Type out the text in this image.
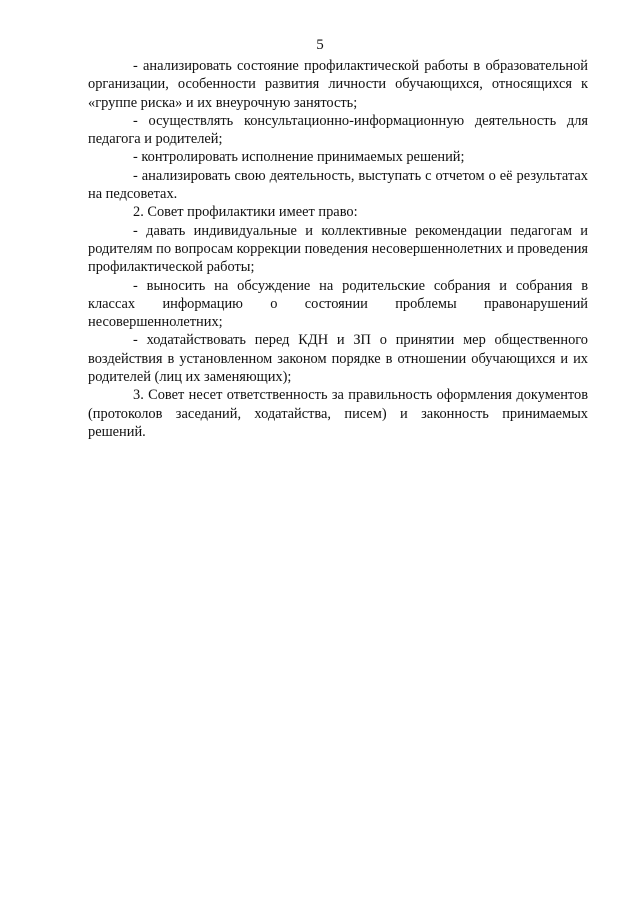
5

- анализировать состояние профилактической работы в образовательной организации, особенности развития личности обучающихся, относящихся к «группе риска» и их внеурочную занятость;

- осуществлять консультационно-информационную деятельность для педагога и родителей;

- контролировать исполнение принимаемых решений;

- анализировать свою деятельность, выступать с отчетом о её результатах на педсоветах.

2. Совет профилактики имеет право:

- давать индивидуальные и коллективные рекомендации педагогам и родителям по вопросам коррекции поведения несовершеннолетних и проведения профилактической работы;

- выносить на обсуждение на родительские собрания и собрания в классах информацию о состоянии проблемы правонарушений несовершеннолетних;

- ходатайствовать перед КДН и ЗП о принятии мер общественного воздействия в установленном законом порядке в отношении обучающихся и их родителей (лиц их заменяющих);

3. Совет несет ответственность за правильность оформления документов (протоколов заседаний, ходатайства, писем) и законность принимаемых решений.
